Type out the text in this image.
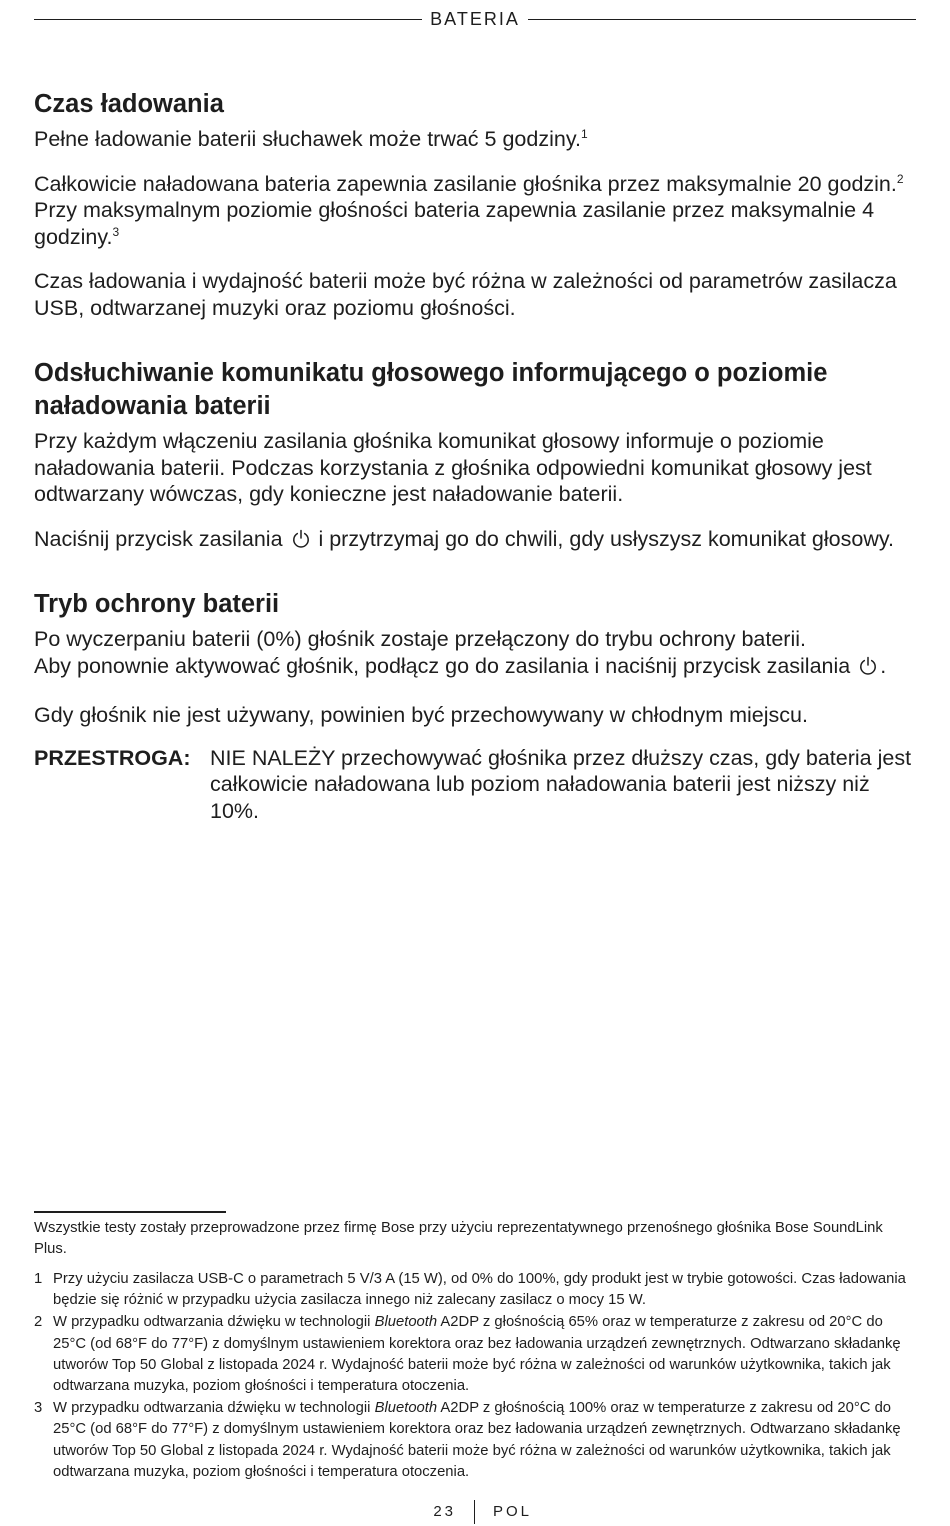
BATERIA
Czas ładowania

Pełne ładowanie baterii słuchawek może trwać 5 godziny.$^1$

Całkowicie naładowana bateria zapewnia zasilanie głośnika przez maksymalnie 20 godzin.$^2$ Przy maksymalnym poziomie głośności bateria zapewnia zasilanie przez maksymalnie 4 godziny.$^3$

Czas ładowania i wydajność baterii może być różna w zależności od parametrów zasilacza USB, odtwarzanej muzyki oraz poziomu głośności.

Odsłuchiwanie komunikatu głosowego informującego o poziomie naładowania baterii

Przy każdym włączeniu zasilania głośnika komunikat głosowy informuje o poziomie naładowania baterii. Podczas korzystania z głośnika odpowiedni komunikat głosowy jest odtwarzany wówczas, gdy konieczne jest naładowanie baterii.

Naciśnij przycisk zasilania
i przytrzymaj go do chwili, gdy usłyszysz komunikat głosowy.

Tryb ochrony baterii

Po wyczerpaniu baterii (0%) głośnik zostaje przełączony do trybu ochrony baterii.
Aby ponownie aktywować głośnik, podłącz go do zasilania i naciśnij przycisk zasilania
.

Gdy głośnik nie jest używany, powinien być przechowywany w chłodnym miejscu.

PRZESTROGA: NIE NALEŻY przechowywać głośnika przez dłuższy czas, gdy bateria jest całkowicie naładowana lub poziom naładowania baterii jest niższy niż 10%.
Wszystkie testy zostały przeprowadzone przez firmę Bose przy użyciu reprezentatywnego przenośnego głośnika Bose SoundLink Plus.
1 Przy użyciu zasilacza USB-C o parametrach 5 V/3 A (15 W), od 0% do 100%, gdy produkt jest w trybie gotowości. Czas ładowania będzie się różnić w przypadku użycia zasilacza innego niż zalecany zasilacz o mocy 15 W.
2 W przypadku odtwarzania dźwięku w technologii Bluetooth A2DP z głośnością 65% oraz w temperaturze z zakresu od 20°C do 25°C (od 68°F do 77°F) z domyślnym ustawieniem korektora oraz bez ładowania urządzeń zewnętrznych. Odtwarzano składankę utworów Top 50 Global z listopada 2024 r. Wydajność baterii może być różna w zależności od warunków użytkownika, takich jak odtwarzana muzyka, poziom głośności i temperatura otoczenia.
3 W przypadku odtwarzania dźwięku w technologii Bluetooth A2DP z głośnością 100% oraz w temperaturze z zakresu od 20°C do 25°C (od 68°F do 77°F) z domyślnym ustawieniem korektora oraz bez ładowania urządzeń zewnętrznych. Odtwarzano składankę utworów Top 50 Global z listopada 2024 r. Wydajność baterii może być różna w zależności od warunków użytkownika, takich jak odtwarzana muzyka, poziom głośności i temperatura otoczenia.
23 POL
